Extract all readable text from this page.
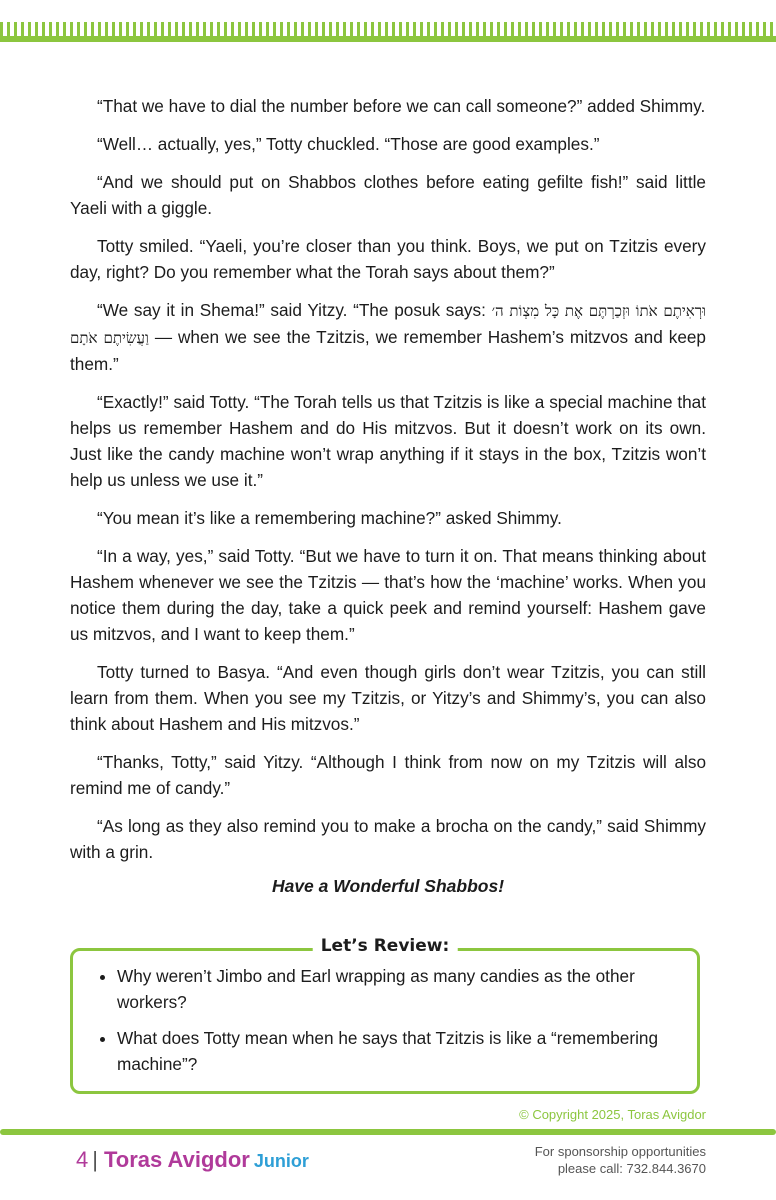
“That we have to dial the number before we can call someone?” added Shimmy.

“Well… actually, yes,” Totty chuckled. “Those are good examples.”

“And we should put on Shabbos clothes before eating gefilte fish!” said little Yaeli with a giggle.

Totty smiled. “Yaeli, you’re closer than you think. Boys, we put on Tzitzis every day, right? Do you remember what the Torah says about them?”

“We say it in Shema!” said Yitzy. “The posuk says: וּרְאִיתֶם אֹתוֹ וּזְכַרְתֶּם אֶת כָּל מִצְוֹת ה׳ וַעֲשִׂיתֶם אֹתָם — when we see the Tzitzis, we remember Hashem’s mitzvos and keep them.”

“Exactly!” said Totty. “The Torah tells us that Tzitzis is like a special machine that helps us remember Hashem and do His mitzvos. But it doesn’t work on its own. Just like the candy machine won’t wrap anything if it stays in the box, Tzitzis won’t help us unless we use it.”

“You mean it’s like a remembering machine?” asked Shimmy.

“In a way, yes,” said Totty. “But we have to turn it on. That means thinking about Hashem whenever we see the Tzitzis — that’s how the ‘machine’ works. When you notice them during the day, take a quick peek and remind yourself: Hashem gave us mitzvos, and I want to keep them.”

Totty turned to Basya. “And even though girls don’t wear Tzitzis, you can still learn from them. When you see my Tzitzis, or Yitzy’s and Shimmy’s, you can also think about Hashem and His mitzvos.”

“Thanks, Totty,” said Yitzy. “Although I think from now on my Tzitzis will also remind me of candy.”

“As long as they also remind you to make a brocha on the candy,” said Shimmy with a grin.

Have a Wonderful Shabbos!
Let’s Review:
• Why weren’t Jimbo and Earl wrapping as many candies as the other workers?
• What does Totty mean when he says that Tzitzis is like a “remembering machine”?
© Copyright 2025, Toras Avigdor
4 | Toras Avigdor Junior	For sponsorship opportunities
please call: 732.844.3670
